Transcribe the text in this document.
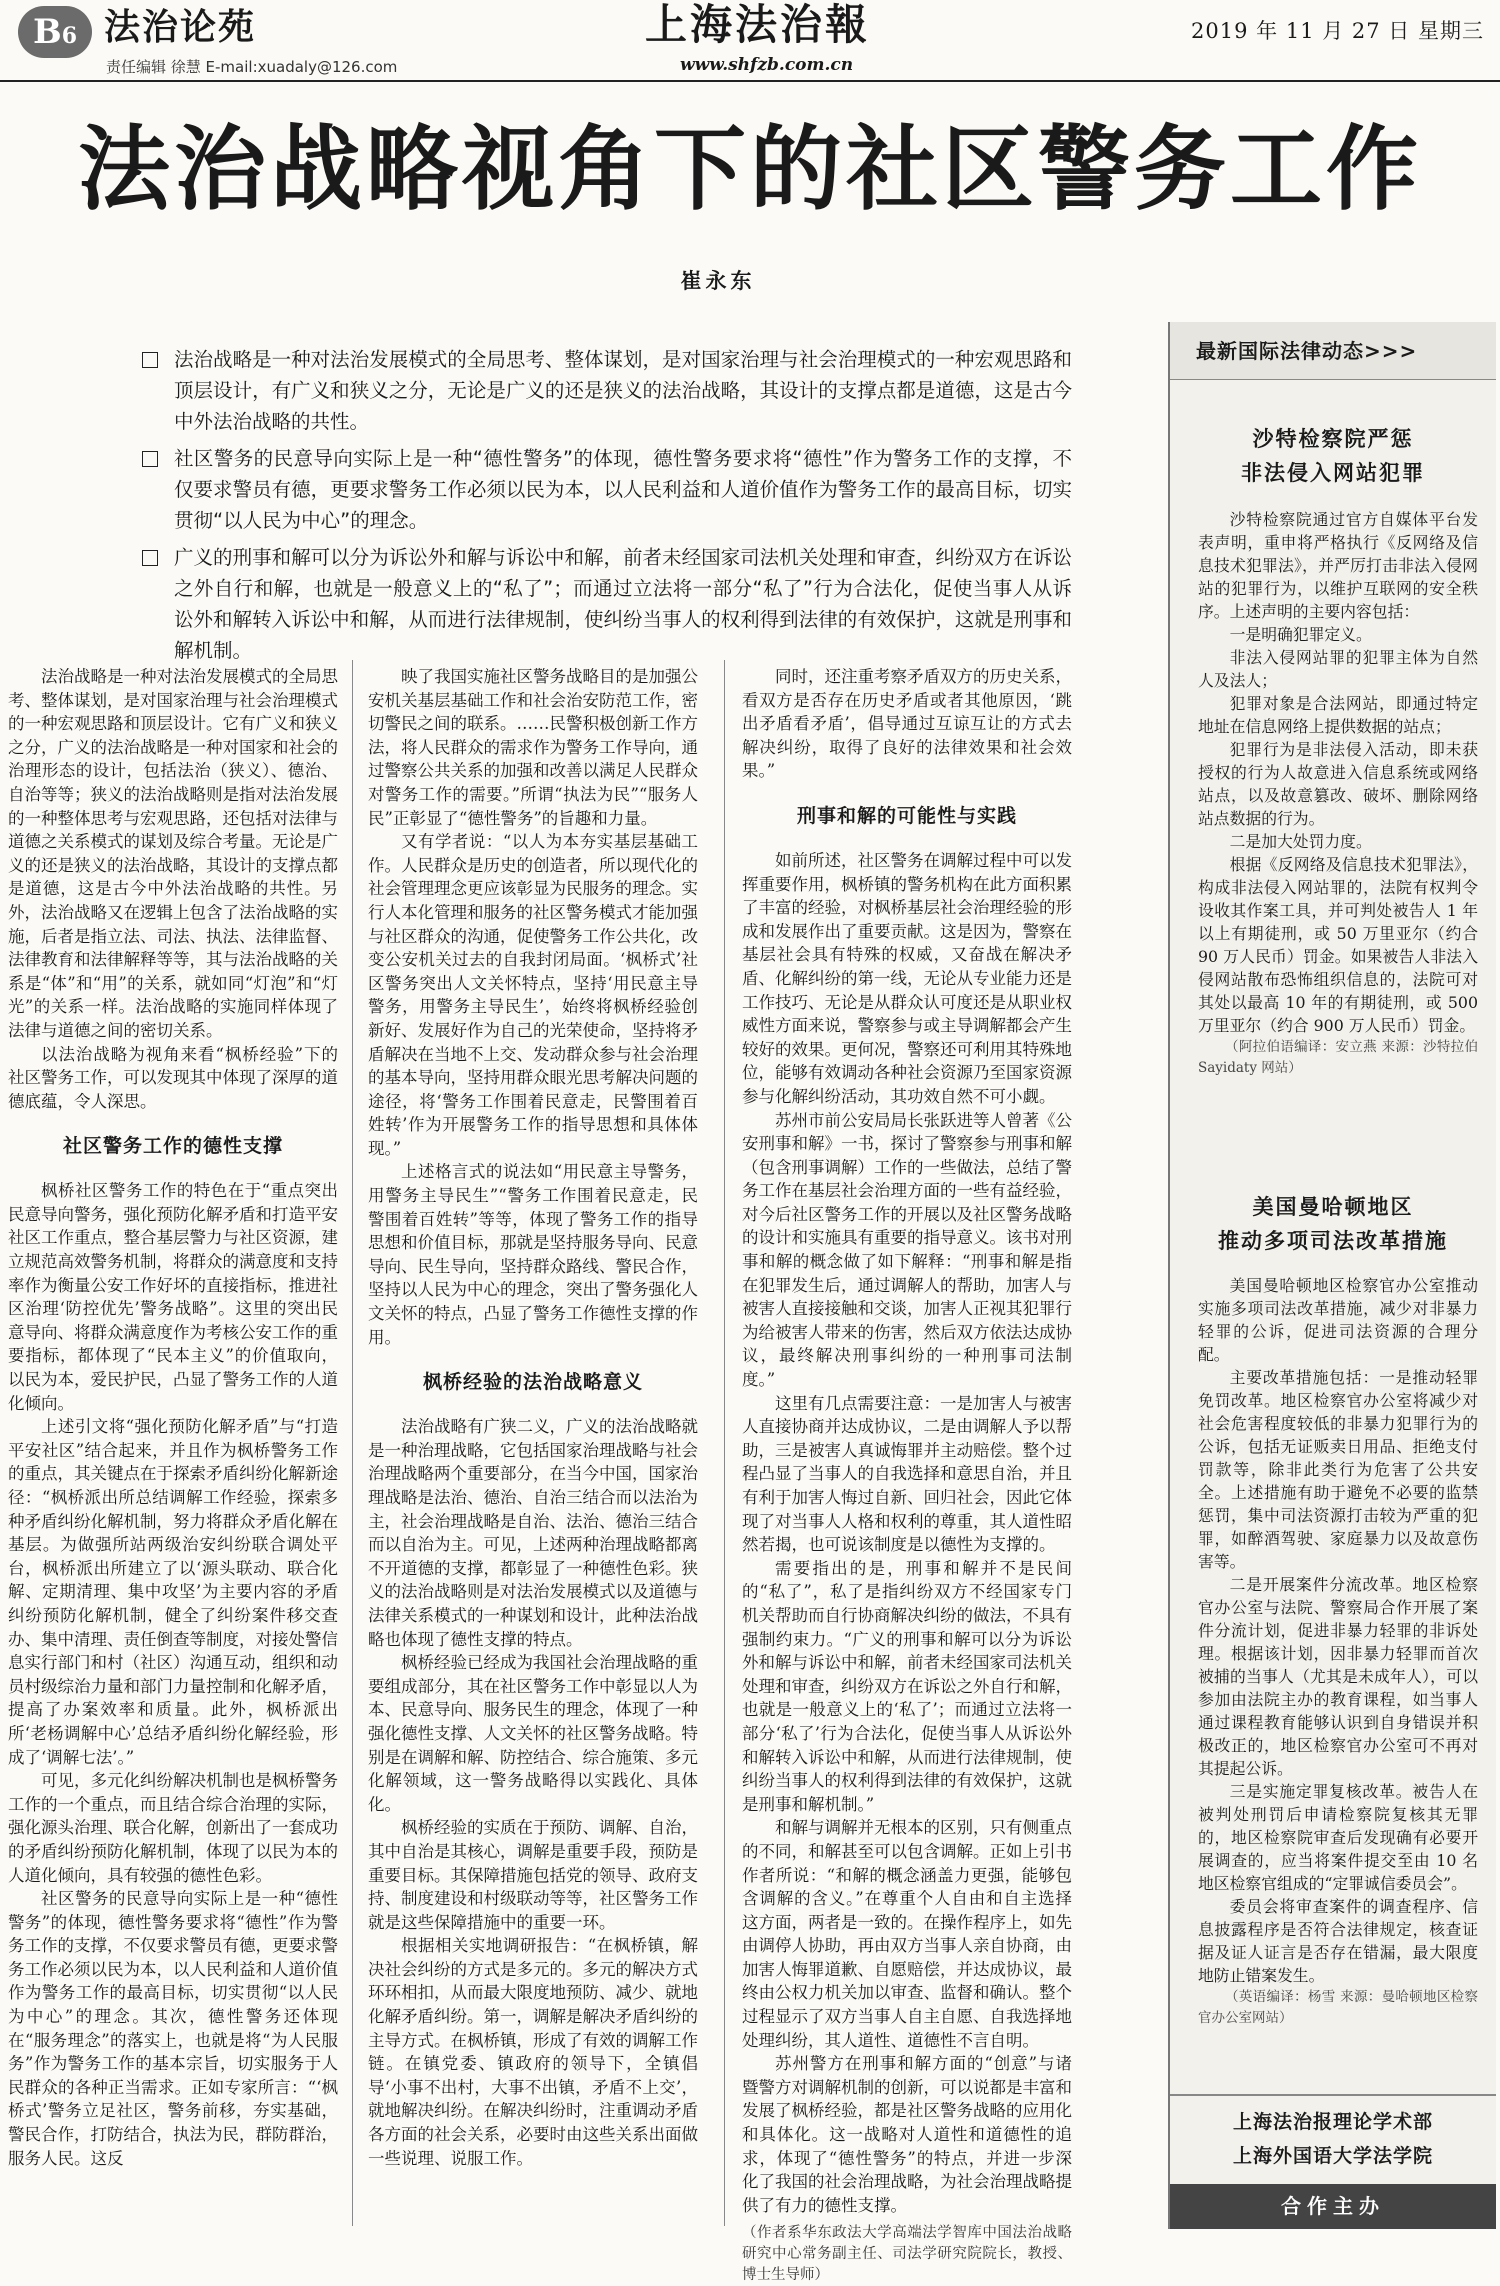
B6 法治论苑
责任编辑 徐慧 E-mail:xuadaly@126.com
上海法治報
www.shfzb.com.cn
2019 年 11 月 27 日 星期三
法治战略视角下的社区警务工作
崔永东
法治战略是一种对法治发展模式的全局思考、整体谋划，是对国家治理与社会治理模式的一种宏观思路和顶层设计，有广义和狭义之分，无论是广义的还是狭义的法治战略，其设计的支撑点都是道德，这是古今中外法治战略的共性。
社区警务的民意导向实际上是一种“德性警务”的体现，德性警务要求将“德性”作为警务工作的支撑，不仅要求警员有德，更要求警务工作必须以民为本，以人民利益和人道价值作为警务工作的最高目标，切实贯彻“以人民为中心”的理念。
广义的刑事和解可以分为诉讼外和解与诉讼中和解，前者未经国家司法机关处理和审查，纠纷双方在诉讼之外自行和解，也就是一般意义上的“私了”；而通过立法将一部分“私了”行为合法化，促使当事人从诉讼外和解转入诉讼中和解，从而进行法律规制，使纠纷当事人的权利得到法律的有效保护，这就是刑事和解机制。

法治战略是一种对法治发展模式的全局思考、整体谋划，是对国家治理与社会治理模式的一种宏观思路和顶层设计。它有广义和狭义之分，广义的法治战略是一种对国家和社会的治理形态的设计，包括法治（狭义）、德治、自治等等；狭义的法治战略则是指对法治发展的一种整体思考与宏观思路，还包括对法律与道德之关系模式的谋划及综合考量。无论是广义的还是狭义的法治战略，其设计的支撑点都是道德，这是古今中外法治战略的共性。另外，法治战略又在逻辑上包含了法治战略的实施，后者是指立法、司法、执法、法律监督、法律教育和法律解释等等，其与法治战略的关系是“体”和“用”的关系，就如同“灯泡”和“灯光”的关系一样。法治战略的实施同样体现了法律与道德之间的密切关系。

以法治战略为视角来看“枫桥经验”下的社区警务工作，可以发现其中体现了深厚的道德底蕴，令人深思。

社区警务工作的德性支撑

枫桥社区警务工作的特色在于“重点突出民意导向警务，强化预防化解矛盾和打造平安社区工作重点，整合基层警力与社区资源，建立规范高效警务机制，将群众的满意度和支持率作为衡量公安工作好坏的直接指标，推进社区治理‘防控优先’警务战略”。这里的突出民意导向、将群众满意度作为考核公安工作的重要指标，都体现了“民本主义”的价值取向，以民为本，爱民护民，凸显了警务工作的人道化倾向。

上述引文将“强化预防化解矛盾”与“打造平安社区”结合起来，并且作为枫桥警务工作的重点，其关键点在于探索矛盾纠纷化解新途径：“枫桥派出所总结调解工作经验，探索多种矛盾纠纷化解机制，努力将群众矛盾化解在基层。为做强所站两级治安纠纷联合调处平台，枫桥派出所建立了以‘源头联动、联合化解、定期清理、集中攻坚’为主要内容的矛盾纠纷预防化解机制，健全了纠纷案件移交查办、集中清理、责任倒查等制度，对接处警信息实行部门和村（社区）沟通互动，组织和动员村级综治力量和部门力量控制和化解矛盾，提高了办案效率和质量。此外，枫桥派出所‘老杨调解中心’总结矛盾纠纷化解经验，形成了‘调解七法’。”

可见，多元化纠纷解决机制也是枫桥警务工作的一个重点，而且结合综合治理的实际，强化源头治理、联合化解，创新出了一套成功的矛盾纠纷预防化解机制，体现了以民为本的人道化倾向，具有较强的德性色彩。

社区警务的民意导向实际上是一种“德性警务”的体现，德性警务要求将“德性”作为警务工作的支撑，不仅要求警员有德，更要求警务工作必须以民为本，以人民利益和人道价值作为警务工作的最高目标，切实贯彻“以人民为中心”的理念。其次，德性警务还体现在“服务理念”的落实上，也就是将“为人民服务”作为警务工作的基本宗旨，切实服务于人民群众的各种正当需求。正如专家所言：“‘枫桥式’警务立足社区，警务前移，夯实基础，警民合作，打防结合，执法为民，群防群治，服务人民。这反

映了我国实施社区警务战略目的是加强公安机关基层基础工作和社会治安防范工作，密切警民之间的联系。……民警积极创新工作方法，将人民群众的需求作为警务工作导向，通过警察公共关系的加强和改善以满足人民群众对警务工作的需要。”所谓“执法为民”“服务人民”正彰显了“德性警务”的旨趣和力量。

又有学者说：“以人为本夯实基层基础工作。人民群众是历史的创造者，所以现代化的社会管理理念更应该彰显为民服务的理念。实行人本化管理和服务的社区警务模式才能加强与社区群众的沟通，促使警务工作公共化，改变公安机关过去的自我封闭局面。‘枫桥式’社区警务突出人文关怀特点，坚持‘用民意主导警务，用警务主导民生’，始终将枫桥经验创新好、发展好作为自己的光荣使命，坚持将矛盾解决在当地不上交、发动群众参与社会治理的基本导向，坚持用群众眼光思考解决问题的途径，将‘警务工作围着民意走，民警围着百姓转’作为开展警务工作的指导思想和具体体现。”

上述格言式的说法如“用民意主导警务，用警务主导民生”“警务工作围着民意走，民警围着百姓转”等等，体现了警务工作的指导思想和价值目标，那就是坚持服务导向、民意导向、民生导向，坚持群众路线、警民合作，坚持以人民为中心的理念，突出了警务强化人文关怀的特点，凸显了警务工作德性支撑的作用。

枫桥经验的法治战略意义

法治战略有广狭二义，广义的法治战略就是一种治理战略，它包括国家治理战略与社会治理战略两个重要部分，在当今中国，国家治理战略是法治、德治、自治三结合而以法治为主，社会治理战略是自治、法治、德治三结合而以自治为主。可见，上述两种治理战略都离不开道德的支撑，都彰显了一种德性色彩。狭义的法治战略则是对法治发展模式以及道德与法律关系模式的一种谋划和设计，此种法治战略也体现了德性支撑的特点。

枫桥经验已经成为我国社会治理战略的重要组成部分，其在社区警务工作中彰显以人为本、民意导向、服务民生的理念，体现了一种强化德性支撑、人文关怀的社区警务战略。特别是在调解和解、防控结合、综合施策、多元化解领域，这一警务战略得以实践化、具体化。

枫桥经验的实质在于预防、调解、自治，其中自治是其核心，调解是重要手段，预防是重要目标。其保障措施包括党的领导、政府支持、制度建设和村级联动等等，社区警务工作就是这些保障措施中的重要一环。

根据相关实地调研报告：“在枫桥镇，解决社会纠纷的方式是多元的。多元的解决方式环环相扣，从而最大限度地预防、减少、就地化解矛盾纠纷。第一，调解是解决矛盾纠纷的主导方式。在枫桥镇，形成了有效的调解工作链。在镇党委、镇政府的领导下，全镇倡导‘小事不出村，大事不出镇，矛盾不上交’，就地解决纠纷。在解决纠纷时，注重调动矛盾各方面的社会关系，必要时由这些关系出面做一些说理、说服工作。

同时，还注重考察矛盾双方的历史关系，看双方是否存在历史矛盾或者其他原因，‘跳出矛盾看矛盾’，倡导通过互谅互让的方式去解决纠纷，取得了良好的法律效果和社会效果。”

刑事和解的可能性与实践

如前所述，社区警务在调解过程中可以发挥重要作用，枫桥镇的警务机构在此方面积累了丰富的经验，对枫桥基层社会治理经验的形成和发展作出了重要贡献。这是因为，警察在基层社会具有特殊的权威，又奋战在解决矛盾、化解纠纷的第一线，无论从专业能力还是工作技巧、无论是从群众认可度还是从职业权威性方面来说，警察参与或主导调解都会产生较好的效果。更何况，警察还可利用其特殊地位，能够有效调动各种社会资源乃至国家资源参与化解纠纷活动，其功效自然不可小觑。

苏州市前公安局局长张跃进等人曾著《公安刑事和解》一书，探讨了警察参与刑事和解（包含刑事调解）工作的一些做法，总结了警务工作在基层社会治理方面的一些有益经验，对今后社区警务工作的开展以及社区警务战略的设计和实施具有重要的指导意义。该书对刑事和解的概念做了如下解释：“刑事和解是指在犯罪发生后，通过调解人的帮助，加害人与被害人直接接触和交谈，加害人正视其犯罪行为给被害人带来的伤害，然后双方依法达成协议，最终解决刑事纠纷的一种刑事司法制度。”

这里有几点需要注意：一是加害人与被害人直接协商并达成协议，二是由调解人予以帮助，三是被害人真诚悔罪并主动赔偿。整个过程凸显了当事人的自我选择和意思自治，并且有利于加害人悔过自新、回归社会，因此它体现了对当事人人格和权利的尊重，其人道性昭然若揭，也可说该制度是以德性为支撑的。

需要指出的是，刑事和解并不是民间的“私了”，私了是指纠纷双方不经国家专门机关帮助而自行协商解决纠纷的做法，不具有强制约束力。“广义的刑事和解可以分为诉讼外和解与诉讼中和解，前者未经国家司法机关处理和审查，纠纷双方在诉讼之外自行和解，也就是一般意义上的‘私了’；而通过立法将一部分‘私了’行为合法化，促使当事人从诉讼外和解转入诉讼中和解，从而进行法律规制，使纠纷当事人的权利得到法律的有效保护，这就是刑事和解机制。”

和解与调解并无根本的区别，只有侧重点的不同，和解甚至可以包含调解。正如上引书作者所说：“和解的概念涵盖力更强，能够包含调解的含义。”在尊重个人自由和自主选择这方面，两者是一致的。在操作程序上，如先由调停人协助，再由双方当事人亲自协商，由加害人悔罪道歉、自愿赔偿，并达成协议，最终由公权力机关加以审查、监督和确认。整个过程显示了双方当事人自主自愿、自我选择地处理纠纷，其人道性、道德性不言自明。

苏州警方在刑事和解方面的“创意”与诸暨警方对调解机制的创新，可以说都是丰富和发展了枫桥经验，都是社区警务战略的应用化和具体化。这一战略对人道性和道德性的追求，体现了“德性警务”的特点，并进一步深化了我国的社会治理战略，为社会治理战略提供了有力的德性支撑。

（作者系华东政法大学高端法学智库中国法治战略研究中心常务副主任、司法学研究院院长，教授、博士生导师）

最新国际法律动态>>>
沙特检察院严惩
非法侵入网站犯罪

沙特检察院通过官方自媒体平台发表声明，重申将严格执行《反网络及信息技术犯罪法》，并严厉打击非法入侵网站的犯罪行为，以维护互联网的安全秩序。上述声明的主要内容包括：

一是明确犯罪定义。

非法入侵网站罪的犯罪主体为自然人及法人；

犯罪对象是合法网站，即通过特定地址在信息网络上提供数据的站点；

犯罪行为是非法侵入活动，即未获授权的行为人故意进入信息系统或网络站点，以及故意篡改、破坏、删除网络站点数据的行为。

二是加大处罚力度。

根据《反网络及信息技术犯罪法》，构成非法侵入网站罪的，法院有权判令设收其作案工具，并可判处被告人 1 年以上有期徒刑，或 50 万里亚尔（约合 90 万人民币）罚金。如果被告人非法入侵网站散布恐怖组织信息的，法院可对其处以最高 10 年的有期徒刑，或 500 万里亚尔（约合 900 万人民币）罚金。

（阿拉伯语编译：安立燕 来源：沙特拉伯 Sayidaty 网站）

美国曼哈顿地区
推动多项司法改革措施

美国曼哈顿地区检察官办公室推动实施多项司法改革措施，减少对非暴力轻罪的公诉，促进司法资源的合理分配。

主要改革措施包括：一是推动轻罪免罚改革。地区检察官办公室将减少对社会危害程度较低的非暴力犯罪行为的公诉，包括无证贩卖日用品、拒绝支付罚款等，除非此类行为危害了公共安全。上述措施有助于避免不必要的监禁惩罚，集中司法资源打击较为严重的犯罪，如醉酒驾驶、家庭暴力以及故意伤害等。

二是开展案件分流改革。地区检察官办公室与法院、警察局合作开展了案件分流计划，促进非暴力轻罪的非诉处理。根据该计划，因非暴力轻罪而首次被捕的当事人（尤其是未成年人），可以参加由法院主办的教育课程，如当事人通过课程教育能够认识到自身错误并积极改正的，地区检察官办公室可不再对其提起公诉。

三是实施定罪复核改革。被告人在被判处刑罚后申请检察院复核其无罪的，地区检察院审查后发现确有必要开展调查的，应当将案件提交至由 10 名地区检察官组成的“定罪诚信委员会”。

委员会将审查案件的调查程序、信息披露程序是否符合法律规定，核查证据及证人证言是否存在错漏，最大限度地防止错案发生。

（英语编译：杨雪 来源：曼哈顿地区检察官办公室网站）

上海法治报理论学术部
上海外国语大学法学院
合作主办
